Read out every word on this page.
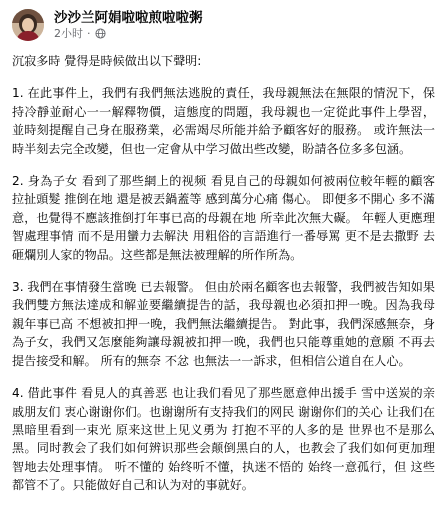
沙沙兰阿娟啦啦煎啦啦粥
2小时 ·

沉寂多時 覺得是時候做出以下聲明:

1. 在此事件上，我們有我們無法逃脫的責任，我母親無法在無限的情況下，保持冷靜並耐心一一解釋物價，這態度的問題，我母親也一定從此事件上學習，並時刻提醒自己身在服務業，必需竭尽所能并給予顧客好的服務。 或许無法一時半刻去完全改變，但也一定會从中学习做出些改變，盼請各位多多包涵。

2. 身為子女 看到了那些網上的视频 看見自己的母親如何被兩位較年輕的顧客 拉扯頭髮 推倒在地 還是被丟鍋蓋等 感到萬分心痛 傷心。 即便多不開心 多不滿意，也覺得不應該推倒打年事已高的母親在地 所幸此次無大礙。 年輕人更應理智處理事情 而不是用蠻力去解決 用粗俗的言語進行一番辱罵 更不是去撒野 去砸爛別人家的物品。这些都是無法被理解的所作所為。

3. 我們在事情發生當晚 已去報警。 但由於兩名顧客也去報警，我們被告知如果我們雙方無法達成和解並要繼續提告的話，我母親也必須扣押一晚。因為我母親年事已高 不想被扣押一晚，我們無法繼續提告。 對此事，我們深感無奈，身為子女，我們又怎麼能夠讓母親被扣押一晚，我們也只能尊重她的意願 不再去提告接受和解。 所有的無奈 不忿 也無法一一訴求，但相信公道自在人心。

4. 借此事件 看見人的真善恶 也让我们看见了那些愿意伸出援手 雪中送炭的亲戚朋友们 衷心谢谢你们。也谢谢所有支持我们的网民 谢谢你们的关心 让我们在黑暗里看到一束光 原来这世上见义勇为 打抱不平的人多的是 世界也不是那么黑。同时教会了我们如何辨识那些会颠倒黑白的人，也教会了我们如何更加理智地去处理事情。 听不懂的 始终听不懂，执迷不悟的 始终一意孤行，但 这些都管不了。只能做好自己和认为对的事就好。
